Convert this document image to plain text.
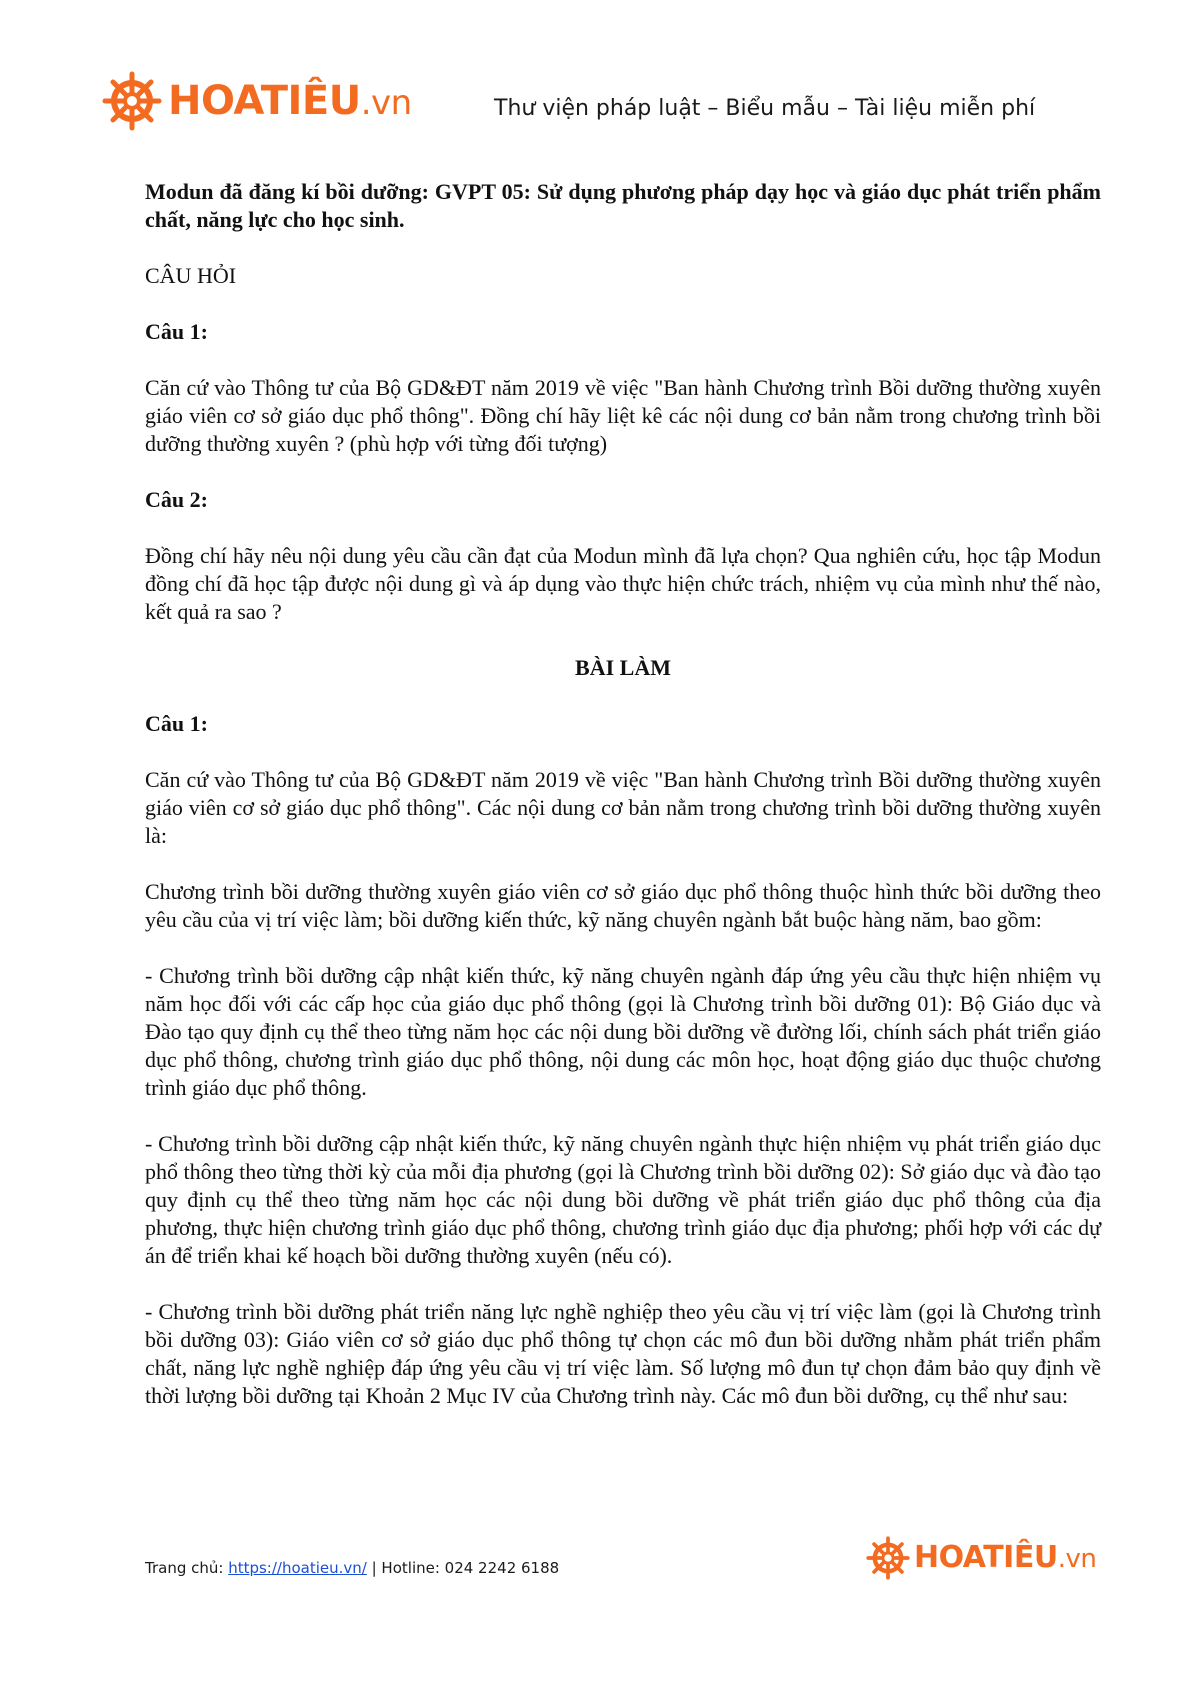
HOATIÊU.vn	Thư viện pháp luật – Biểu mẫu – Tài liệu miễn phí

Modun đã đăng kí bồi dưỡng: GVPT 05: Sử dụng phương pháp dạy học và giáo dục phát triển phẩm chất, năng lực cho học sinh.

CÂU HỎI

Câu 1:

Căn cứ vào Thông tư của Bộ GD&ĐT năm 2019 về việc "Ban hành Chương trình Bồi dưỡng thường xuyên giáo viên cơ sở giáo dục phổ thông". Đồng chí hãy liệt kê các nội dung cơ bản nằm trong chương trình bồi dưỡng thường xuyên ? (phù hợp với từng đối tượng)

Câu 2:

Đồng chí hãy nêu nội dung yêu cầu cần đạt của Modun mình đã lựa chọn? Qua nghiên cứu, học tập Modun đồng chí đã học tập được nội dung gì và áp dụng vào thực hiện chức trách, nhiệm vụ của mình như thế nào, kết quả ra sao ?

BÀI LÀM

Câu 1:

Căn cứ vào Thông tư của Bộ GD&ĐT năm 2019 về việc "Ban hành Chương trình Bồi dưỡng thường xuyên giáo viên cơ sở giáo dục phổ thông". Các nội dung cơ bản nằm trong chương trình bồi dưỡng thường xuyên là:

Chương trình bồi dưỡng thường xuyên giáo viên cơ sở giáo dục phổ thông thuộc hình thức bồi dưỡng theo yêu cầu của vị trí việc làm; bồi dưỡng kiến thức, kỹ năng chuyên ngành bắt buộc hàng năm, bao gồm:

- Chương trình bồi dưỡng cập nhật kiến thức, kỹ năng chuyên ngành đáp ứng yêu cầu thực hiện nhiệm vụ năm học đối với các cấp học của giáo dục phổ thông (gọi là Chương trình bồi dưỡng 01): Bộ Giáo dục và Đào tạo quy định cụ thể theo từng năm học các nội dung bồi dưỡng về đường lối, chính sách phát triển giáo dục phổ thông, chương trình giáo dục phổ thông, nội dung các môn học, hoạt động giáo dục thuộc chương trình giáo dục phổ thông.

- Chương trình bồi dưỡng cập nhật kiến thức, kỹ năng chuyên ngành thực hiện nhiệm vụ phát triển giáo dục phổ thông theo từng thời kỳ của mỗi địa phương (gọi là Chương trình bồi dưỡng 02): Sở giáo dục và đào tạo quy định cụ thể theo từng năm học các nội dung bồi dưỡng về phát triển giáo dục phổ thông của địa phương, thực hiện chương trình giáo dục phổ thông, chương trình giáo dục địa phương; phối hợp với các dự án để triển khai kế hoạch bồi dưỡng thường xuyên (nếu có).

- Chương trình bồi dưỡng phát triển năng lực nghề nghiệp theo yêu cầu vị trí việc làm (gọi là Chương trình bồi dưỡng 03): Giáo viên cơ sở giáo dục phổ thông tự chọn các mô đun bồi dưỡng nhằm phát triển phẩm chất, năng lực nghề nghiệp đáp ứng yêu cầu vị trí việc làm. Số lượng mô đun tự chọn đảm bảo quy định về thời lượng bồi dưỡng tại Khoản 2 Mục IV của Chương trình này. Các mô đun bồi dưỡng, cụ thể như sau:

Trang chủ: https://hoatieu.vn/ | Hotline: 024 2242 6188	HOATIÊU.vn
